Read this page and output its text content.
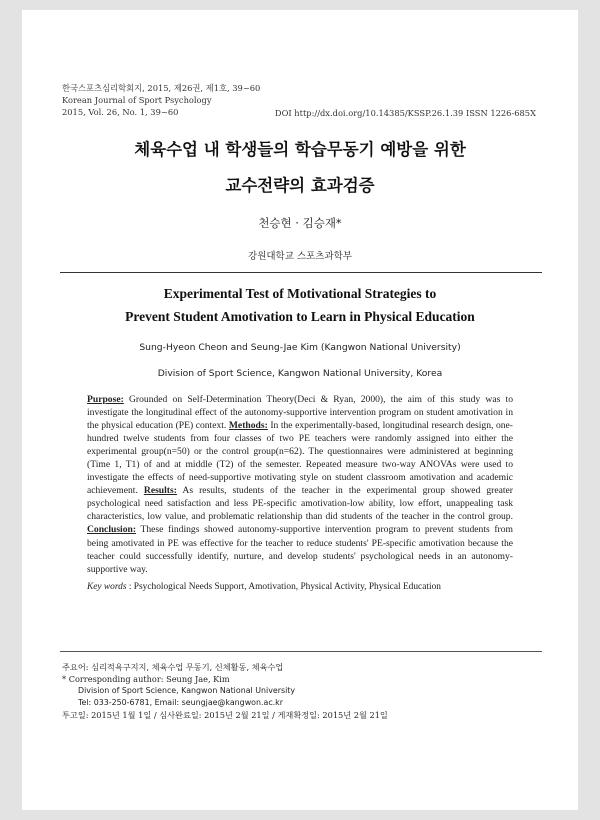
한국스포츠심리학회지, 2015, 제26권, 제1호, 39~60
Korean Journal of Sport Psychology
2015, Vol. 26, No. 1, 39~60	DOI http://dx.doi.org/10.14385/KSSP.26.1.39 ISSN 1226-685X
체육수업 내 학생들의 학습무동기 예방을 위한
교수전략의 효과검증
천승현 · 김승재*
강원대학교 스포츠과학부
Experimental Test of Motivational Strategies to
Prevent Student Amotivation to Learn in Physical Education
Sung-Hyeon Cheon and Seung-Jae Kim (Kangwon National University)
Division of Sport Science, Kangwon National University, Korea

Purpose: Grounded on Self-Determination Theory(Deci & Ryan, 2000), the aim of this study was to investigate the longitudinal effect of the autonomy-supportive intervention program on student amotivation in the physical education (PE) context. Methods: In the experimentally-based, longitudinal research design, one-hundred twelve students from four classes of two PE teachers were randomly assigned into either the experimental group(n=50) or the control group(n=62). The questionnaires were administered at beginning (Time 1, T1) of and at middle (T2) of the semester. Repeated measure two-way ANOVAs were used to investigate the effects of need-supportive motivating style on student classroom amotivation and academic achievement. Results: As results, students of the teacher in the experimental group showed greater psychological need satisfaction and less PE-specific amotivation-low ability, low effort, unappealing task characteristics, low value, and problematic relationship than did students of the teacher in the control group. Conclusion: These findings showed autonomy-supportive intervention program to prevent students from being amotivated in PE was effective for the teacher to reduce students' PE-specific amotivation because the teacher could successfully identify, nurture, and develop students' psychological needs in an autonomy-supportive way.

Key words : Psychological Needs Support, Amotivation, Physical Activity, Physical Education

주요어: 심리적욕구지지, 체육수업 무동기, 신체활동, 체육수업
* Corresponding author: Seung Jae, Kim
Division of Sport Science, Kangwon National University
Tel: 033-250-6781, Email: seungjae@kangwon.ac.kr
투고일: 2015년 1월 1일 / 심사완료일: 2015년 2월 21일 / 게재확정일: 2015년 2월 21일
